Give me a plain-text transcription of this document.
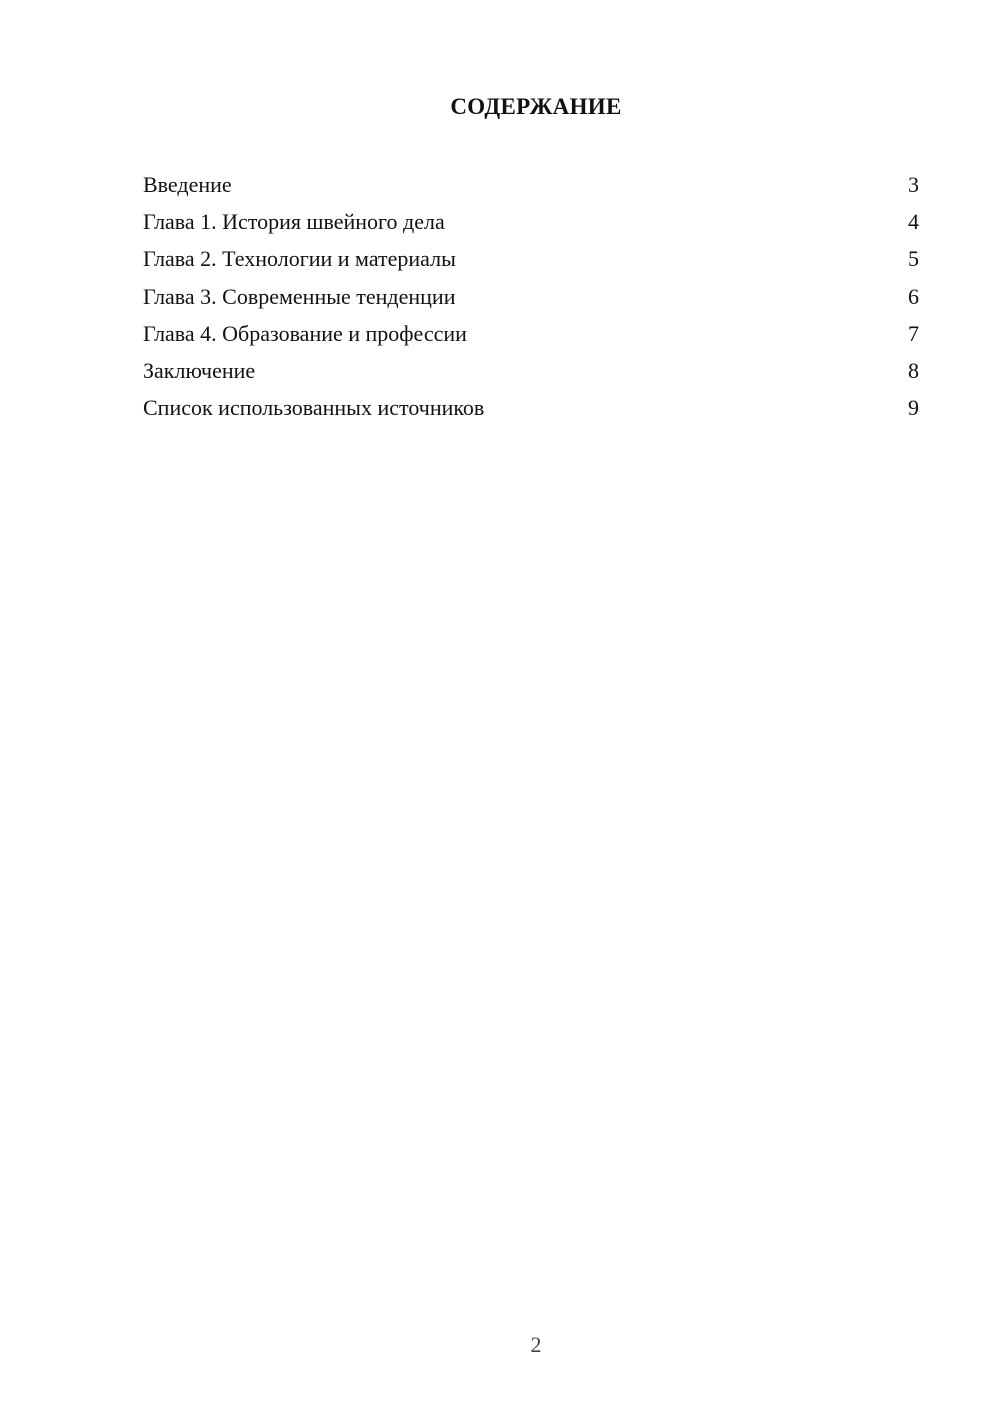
СОДЕРЖАНИЕ
Введение	3
Глава 1. История швейного дела	4
Глава 2. Технологии и материалы	5
Глава 3. Современные тенденции	6
Глава 4. Образование и профессии	7
Заключение	8
Список использованных источников	9
2
